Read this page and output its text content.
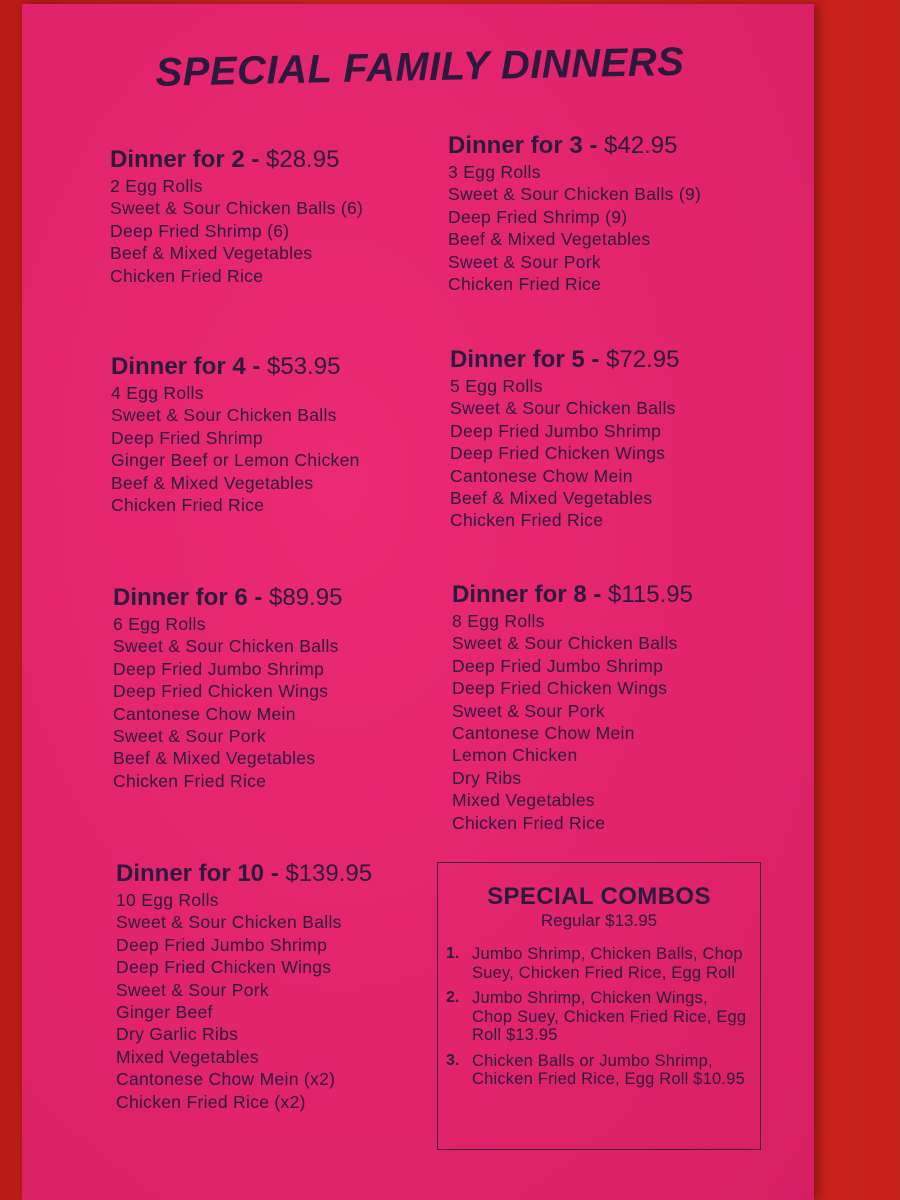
SPECIAL FAMILY DINNERS
Dinner for 2 - $28.95
2 Egg Rolls
Sweet & Sour Chicken Balls (6)
Deep Fried Shrimp (6)
Beef & Mixed Vegetables
Chicken Fried Rice
Dinner for 3 - $42.95
3 Egg Rolls
Sweet & Sour Chicken Balls (9)
Deep Fried Shrimp (9)
Beef & Mixed Vegetables
Sweet & Sour Pork
Chicken Fried Rice
Dinner for 4 - $53.95
4 Egg Rolls
Sweet & Sour Chicken Balls
Deep Fried Shrimp
Ginger Beef or Lemon Chicken
Beef & Mixed Vegetables
Chicken Fried Rice
Dinner for 5 - $72.95
5 Egg Rolls
Sweet & Sour Chicken Balls
Deep Fried Jumbo Shrimp
Deep Fried Chicken Wings
Cantonese Chow Mein
Beef & Mixed Vegetables
Chicken Fried Rice
Dinner for 6 - $89.95
6 Egg Rolls
Sweet & Sour Chicken Balls
Deep Fried Jumbo Shrimp
Deep Fried Chicken Wings
Cantonese Chow Mein
Sweet & Sour Pork
Beef & Mixed Vegetables
Chicken Fried Rice
Dinner for 8 - $115.95
8 Egg Rolls
Sweet & Sour Chicken Balls
Deep Fried Jumbo Shrimp
Deep Fried Chicken Wings
Sweet & Sour Pork
Cantonese Chow Mein
Lemon Chicken
Dry Ribs
Mixed Vegetables
Chicken Fried Rice
Dinner for 10 - $139.95
10 Egg Rolls
Sweet & Sour Chicken Balls
Deep Fried Jumbo Shrimp
Deep Fried Chicken Wings
Sweet & Sour Pork
Ginger Beef
Dry Garlic Ribs
Mixed Vegetables
Cantonese Chow Mein (x2)
Chicken Fried Rice (x2)
SPECIAL COMBOS
Regular $13.95
1. Jumbo Shrimp, Chicken Balls, Chop Suey, Chicken Fried Rice, Egg Roll
2. Jumbo Shrimp, Chicken Wings, Chop Suey, Chicken Fried Rice, Egg Roll $13.95
3. Chicken Balls or Jumbo Shrimp, Chicken Fried Rice, Egg Roll $10.95
